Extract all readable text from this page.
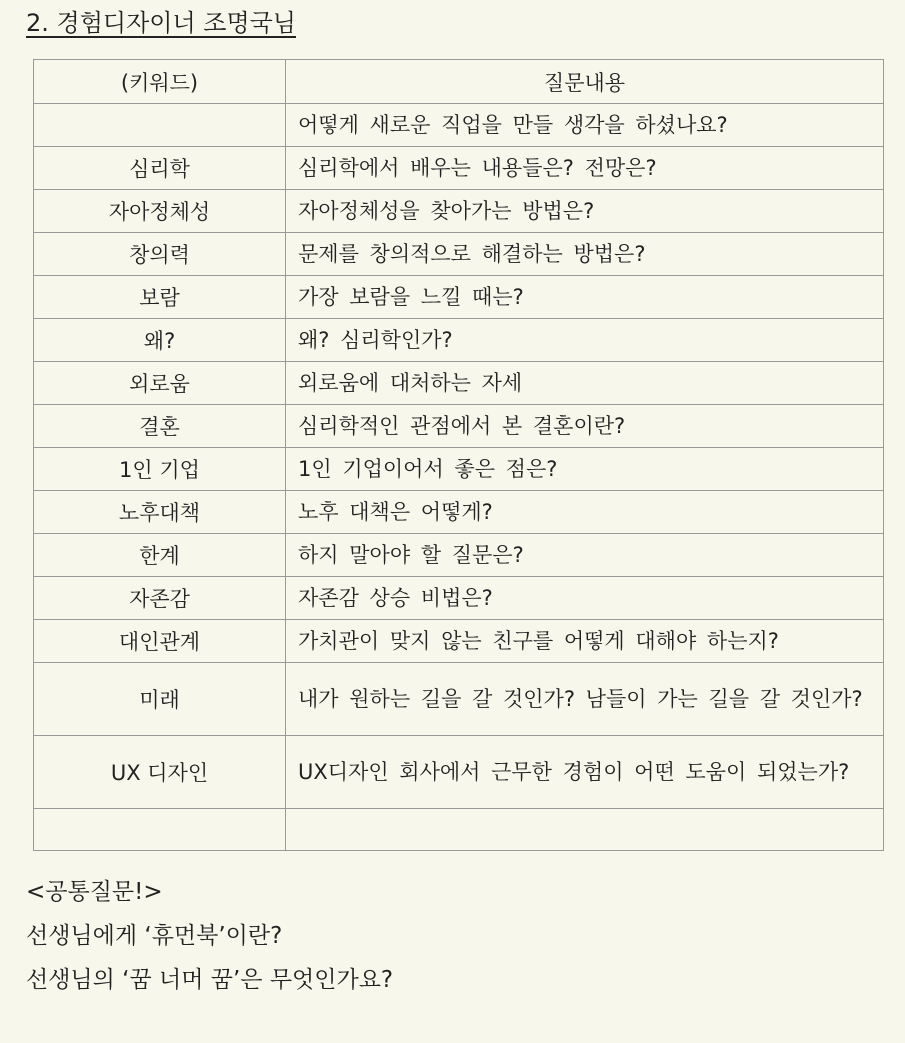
2. 경험디자이너 조명국님
(키워드)	질문내용
	어떻게 새로운 직업을 만들 생각을 하셨나요?
심리학	심리학에서 배우는 내용들은? 전망은?
자아정체성	자아정체성을 찾아가는 방법은?
창의력	문제를 창의적으로 해결하는 방법은?
보람	가장 보람을 느낄 때는?
왜?	왜? 심리학인가?
외로움	외로움에 대처하는 자세
결혼	심리학적인 관점에서 본 결혼이란?
1인 기업	1인 기업이어서 좋은 점은?
노후대책	노후 대책은 어떻게?
한계	하지 말아야 할 질문은?
자존감	자존감 상승 비법은?
대인관계	가치관이 맞지 않는 친구를 어떻게 대해야 하는지?
미래	내가 원하는 길을 갈 것인가? 남들이 가는 길을 갈 것인가?
UX 디자인	UX디자인 회사에서 근무한 경험이 어떤 도움이 되었는가?

<공통질문!>
선생님에게 ‘휴먼북’이란?
선생님의 ‘꿈 너머 꿈’은 무엇인가요?
